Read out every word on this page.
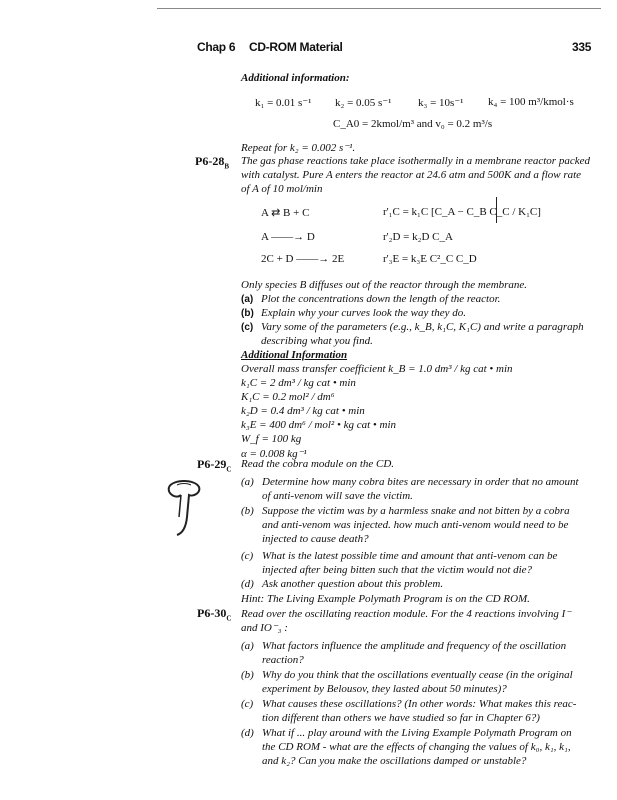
Chap 6 CD-ROM Material	335
Additional information:
k₁ = 0.01 s⁻¹ k₂ = 0.05 s⁻¹ k₃ = 10s⁻¹ k₄ = 100 m³/kmol·s
C_A0 = 2kmol/m³ and v₀ = 0.2 m³/s
Repeat for k₂ = 0.002 s⁻¹.
$P6-28_B$ The gas phase reactions take place isothermally in a membrane reactor packed
with catalyst. Pure A enters the reactor at 24.6 atm and 500K and a flow rate
of A of 10 mol/min
A ⇄ B + C	r'₁C = k₁C [C_A − C_B C_C / K₁C]
A ——→ D	r'₂D = k₂D C_A
2C + D ——→ 2E	r'₃E = k₃E C²_C C_D
Only species B diffuses out of the reactor through the membrane.
(a) Plot the concentrations down the length of the reactor.
(b) Explain why your curves look the way they do.
(c) Vary some of the parameters (e.g., k_B, k₁C, K₁C) and write a paragraph
describing what you find.
Additional Information
Overall mass transfer coefficient k_B = 1.0 dm³ / kg cat • min
k₁C = 2 dm³ / kg cat • min
K₁C = 0.2 mol² / dm⁶
k₂D = 0.4 dm³ / kg cat • min
k₃E = 400 dm⁶ / mol² • kg cat • min
W_f = 100 kg
α = 0.008 kg⁻¹
$P6-29_C$ Read the cobra module on the CD.
(a) Determine how many cobra bites are necessary in order that no amount
of anti-venom will save the victim.
(b) Suppose the victim was by a harmless snake and not bitten by a cobra
and anti-venom was injected. how much anti-venom would need to be
injected to cause death?
(c) What is the latest possible time and amount that anti-venom can be
injected after being bitten such that the victim would not die?
(d) Ask another question about this problem.
Hint: The Living Example Polymath Program is on the CD ROM.
$P6-30_C$ Read over the oscillating reaction module. For the 4 reactions involving I⁻
and IO⁻₃ :
(a) What factors influence the amplitude and frequency of the oscillation
reaction?
(b) Why do you think that the oscillations eventually cease (in the original
experiment by Belousov, they lasted about 50 minutes)?
(c) What causes these oscillations? (In other words: What makes this reac-
tion different than others we have studied so far in Chapter 6?)
(d) What if ... play around with the Living Example Polymath Program on
the CD ROM - what are the effects of changing the values of k₀, k₁, k₁,
and k₂? Can you make the oscillations damped or unstable?
